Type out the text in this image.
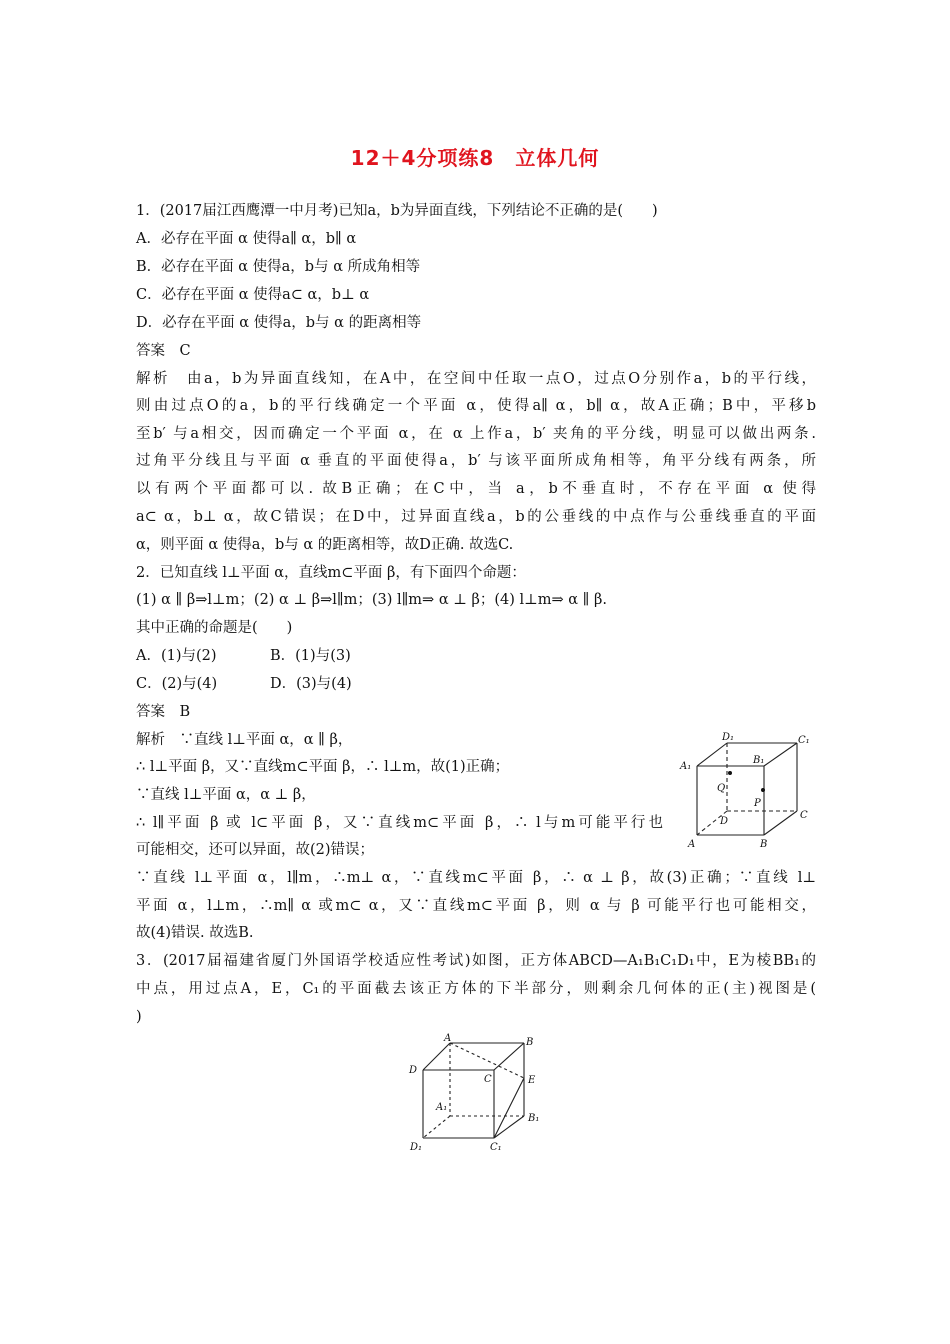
12＋4分项练8　立体几何
1．(2017届江西鹰潭一中月考)已知a，b为异面直线，下列结论不正确的是(　　)
A．必存在平面 α 使得a∥ α，b∥ α
B．必存在平面 α 使得a，b与 α 所成角相等
C．必存在平面 α 使得a⊂ α，b⊥ α
D．必存在平面 α 使得a，b与 α 的距离相等
答案　C
解析　由a，b为异面直线知，在A中，在空间中任取一点O，过点O分别作a，b的平行线，
则由过点O的a，b的平行线确定一个平面 α，使得a∥ α，b∥ α，故A正确；B中，平移b
至b′ 与a相交，因而确定一个平面 α，在 α 上作a，b′ 夹角的平分线，明显可以做出两条.
过角平分线且与平面 α 垂直的平面使得a，b′ 与该平面所成角相等，角平分线有两条，所
以有两个平面都可以. 故B正确；在C中，当 a，b不垂直时，不存在平面 α 使得
a⊂ α，b⊥ α，故C错误；在D中，过异面直线a，b的公垂线的中点作与公垂线垂直的平面
α，则平面 α 使得a，b与 α 的距离相等，故D正确. 故选C.
2．已知直线 l⊥平面 α，直线m⊂平面 β，有下面四个命题：
(1) α ∥ β⇒l⊥m；(2) α ⊥ β⇒l∥m；(3) l∥m⇒ α ⊥ β；(4) l⊥m⇒ α ∥ β.
其中正确的命题是(　　)
A．(1)与(2)	B．(1)与(3)
C．(2)与(4)	D．(3)与(4)
答案　B
解析　∵直线 l⊥平面 α，α ∥ β，
∴ l⊥平面 β，又∵直线m⊂平面 β，∴ l⊥m，故(1)正确；
∵直线 l⊥平面 α，α ⊥ β，
∴ l∥平面 β 或 l⊂平面 β，又∵直线m⊂平面 β，∴ l与m可能平行也
可能相交，还可以异面，故(2)错误；
∵直线 l⊥平面 α，l∥m，∴m⊥ α，∵直线m⊂平面 β，∴ α ⊥ β，故(3)正确；∵直线 l⊥
平面 α，l⊥m，∴m∥ α 或m⊂ α，又∵直线m⊂平面 β，则 α 与 β 可能平行也可能相交，
故(4)错误. 故选B.
D₁	C₁
A₁
B₁
Q
P
A	B
C
D
3．(2017届福建省厦门外国语学校适应性考试)如图，正方体ABCD—A₁B₁C₁D₁中，E为棱BB₁的
中点，用过点A，E，C₁的平面截去该正方体的下半部分，则剩余几何体的正(主)视图是(
)
A	B
D
C	E
A₁
B₁
D₁	C₁
